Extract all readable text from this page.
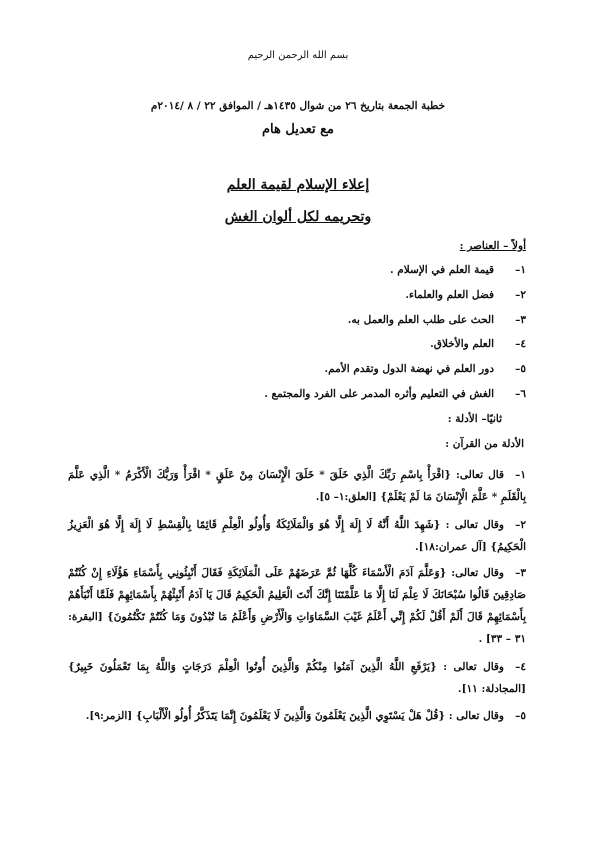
بسم الله الرحمن الرحيم
خطبة الجمعة بتاريخ ٢٦ من شوال ١٤٣٥هـ / الموافق ٢٢ / ٨ /٢٠١٤م
مع تعديل هام
إعلاء الإسلام لقيمة العلم
وتحريمه لكل ألوان الغش
أولاً – العناصر :
١–
قيمة العلم في الإسلام .
٢–
فضل العلم والعلماء.
٣–
الحث على طلب العلم والعمل به.
٤–
العلم والأخلاق.
٥–
دور العلم في نهضة الدول وتقدم الأمم.
٦–
الغش في التعليم وأثره المدمر على الفرد والمجتمع .
ثانيًا– الأدلة :
الأدلة من القرآن :

١–قال تعالى: {اقْرَأْ بِاسْمِ رَبِّكَ الَّذِي خَلَقَ * خَلَقَ الْإِنْسَانَ مِنْ عَلَقٍ * اقْرَأْ وَرَبُّكَ الْأَكْرَمُ * الَّذِي عَلَّمَ بِالْقَلَمِ * عَلَّمَ الْإِنْسَانَ مَا لَمْ يَعْلَمْ} [العلق:١– ٥].

٢–وقال تعالى : {شَهِدَ اللَّهُ أَنَّهُ لَا إِلَهَ إِلَّا هُوَ وَالْمَلَائِكَةُ وَأُولُو الْعِلْمِ قَائِمًا بِالْقِسْطِ لَا إِلَهَ إِلَّا هُوَ الْعَزِيزُ الْحَكِيمُ} [آل عمران:١٨].

٣–وقال تعالى: {وَعَلَّمَ آدَمَ الْأَسْمَاءَ كُلَّهَا ثُمَّ عَرَضَهُمْ عَلَى الْمَلَائِكَةِ فَقَالَ أَنْبِئُونِي بِأَسْمَاءِ هَؤُلَاءِ إِنْ كُنْتُمْ صَادِقِينَ قَالُوا سُبْحَانَكَ لَا عِلْمَ لَنَا إِلَّا مَا عَلَّمْتَنَا إِنَّكَ أَنْتَ الْعَلِيمُ الْحَكِيمُ قَالَ يَا آدَمُ أَنْبِئْهُمْ بِأَسْمَائِهِمْ فَلَمَّا أَنْبَأَهُمْ بِأَسْمَائِهِمْ قَالَ أَلَمْ أَقُلْ لَكُمْ إِنِّي أَعْلَمُ غَيْبَ السَّمَاوَاتِ وَالْأَرْضِ وَأَعْلَمُ مَا تُبْدُونَ وَمَا كُنْتُمْ تَكْتُمُونَ} [البقرة: ٣١ – ٣٣] .

٤–وقال تعالى : {يَرْفَعِ اللَّهُ الَّذِينَ آمَنُوا مِنْكُمْ وَالَّذِينَ أُوتُوا الْعِلْمَ دَرَجَاتٍ وَاللَّهُ بِمَا تَعْمَلُونَ خَبِيرٌ} [المجادلة: ١١].

٥–وقال تعالى : {قُلْ هَلْ يَسْتَوِي الَّذِينَ يَعْلَمُونَ وَالَّذِينَ لَا يَعْلَمُونَ إِنَّمَا يَتَذَكَّرُ أُولُو الْأَلْبَابِ} [الزمر:٩].
